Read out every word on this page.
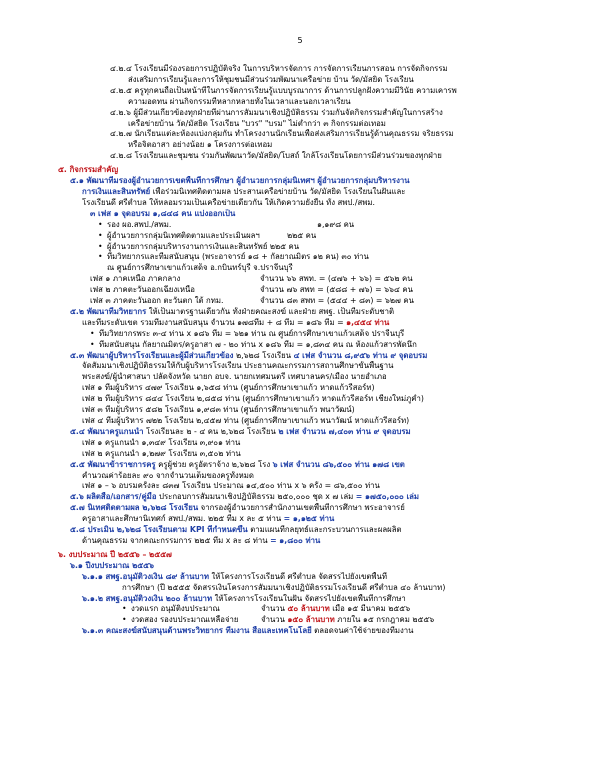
5
๔.๒.๔ โรงเรียนมีร่องรอยการปฏิบัติจริง ในการบริหารจัดการ การจัดการเรียนการสอน การจัดกิจกรรม
ส่งเสริมการเรียนรู้และการให้ชุมชนมีส่วนร่วมพัฒนาเครือข่าย บ้าน วัด/มัสยิด โรงเรียน
๔.๒.๕ ครูทุกคนถือเป็นหน้าที่ในการจัดการเรียนรู้แบบบูรณาการ ด้านการปลูกฝังความมีวินัย ความเคารพ
ความอดทน ผ่านกิจกรรมที่หลากหลายทั้งในเวลาและนอกเวลาเรียน
๔.๒.๖ ผู้มีส่วนเกี่ยวข้องทุกฝ่ายที่ผ่านการสัมมนาเชิงปฏิบัติธรรม ร่วมกันจัดกิจกรรมสำคัญในการสร้าง
เครือข่ายบ้าน วัด/มัสยิด โรงเรียน "บวร" "บรม" ไม่ต่ำกว่า ๓ กิจกรรมต่อเทอม
๔.๒.๗ นักเรียนแต่ละห้องแบ่งกลุ่มกัน ทำโครงงานนักเรียนเพื่อส่งเสริมการเรียนรู้ด้านคุณธรรม จริยธรรม
หรือจิตอาสา อย่างน้อย ๑ โครงการต่อเทอม
๔.๒.๘ โรงเรียนและชุมชน ร่วมกันพัฒนาวัด/มัสยิด/โบสถ์ ใกล้โรงเรียนโดยการมีส่วนร่วมของทุกฝ่าย
๕. กิจกรรมสำคัญ
๕.๑ พัฒนาทีมรองผู้อำนวยการเขตพื้นที่การศึกษา ผู้อำนวยการกลุ่มนิเทศฯ ผู้อำนวยการกลุ่มบริหารงาน
การเงินและสินทรัพย์ เพื่อร่วมนิเทศติดตามผล ประสานเครือข่ายบ้าน วัด/มัสยิด โรงเรียนในฝันและ
โรงเรียนดี ศรีตำบล ให้หลอมรวมเป็นเครือข่ายเดียวกัน ให้เกิดความยั่งยืน ทั้ง สพป./สพม.
๓ เฟส ๑ จุดอบรม ๑,๘๔๘ คน แบ่งออกเป็น
• รอง ผอ.สพป./สพม.	๑,๑๙๘ คน
• ผู้อำนวยการกลุ่มนิเทศติดตามและประเมินผลฯ	๒๒๕ คน
• ผู้อำนวยการกลุ่มบริหารงานการเงินและสินทรัพย์ ๒๒๕ คน
• ทีมวิทยากรและทีมสนับสนุน (พระอาจารย์ ๑๘ + กัลยาณมิตร ๑๒ คน) ๓๐ ท่าน
ณ ศูนย์การศึกษาเขาแก้วเสด็จ อ.กบินทร์บุรี จ.ปราจีนบุรี
เฟส ๑ ภาคเหนือ ภาคกลาง	จำนวน ๖๖ สพท. = (๔๗๖ + ๖๖) = ๕๖๒ คน
เฟส ๒ ภาคตะวันออกเฉียงเหนือ	จำนวน ๗๖ สพท = (๕๘๘ + ๗๖) = ๖๖๔ คน
เฟส ๓ ภาคตะวันออก ตะวันตก ใต้ กทม.	จำนวน ๘๓ สพท = (๕๔๔ + ๘๓) = ๖๒๗ คน
๕.๒ พัฒนาทีมวิทยากร ให้เป็นมาตรฐานเดียวกัน ทั้งฝ่ายคณะสงฆ์ และฝ่าย สพฐ. เป็นทีมระดับชาติ
และทีมระดับเขต รวมทีมงานสนับสนุน จำนวน ๑๗๘ทีม + ๘ ทีม = ๑๘๖ ทีม = ๑,๔๕๔ ท่าน
• ทีมวิทยากรพระ ๓-๔ ท่าน x ๑๘๖ ทีม = ๖๒๑ ท่าน ณ ศูนย์การศึกษาเขาแก้วเสด็จ ปราจีนบุรี
• ทีมสนับสนุน กัลยาณมิตร/ครูอาสา ๗ - ๒๐ ท่าน x ๑๘๖ ทีม = ๑,๘๓๔ คน ณ ห้องแก้วสารพัดนึก
๕.๓ พัฒนาผู้บริหารโรงเรียนและผู้มีส่วนเกี่ยวข้อง ๒,๖๒๘ โรงเรียน ๔ เฟส จำนวน ๘,๙๕๖ ท่าน ๙ จุดอบรม
จัดสัมมนาเชิงปฏิบัติธรรมให้กับผู้บริหารโรงเรียน ประธานคณะกรรมการสถานศึกษาขั้นพื้นฐาน
พระสงฆ์/ผู้นำศาสนา ปลัดจังหวัด นายก อบจ. นายกเทศมนตรี เทศบาลนคร/เมือง นายอำเภอ
เฟส ๑ ทีมผู้บริหาร ๔๗๙ โรงเรียน ๑,๖๕๘ ท่าน (ศูนย์การศึกษาเขาแก้ว หาดแก้วรีสอร์ท)
เฟส ๒ ทีมผู้บริหาร ๘๔๔ โรงเรียน ๒,๘๕๘ ท่าน (ศูนย์การศึกษาเขาแก้ว หาดแก้วรีสอร์ท เชียงใหม่ภูคำ)
เฟส ๓ ทีมผู้บริหาร ๕๘๒ โรงเรียน ๑,๙๘๓ ท่าน (ศูนย์การศึกษาเขาแก้ว พนาวัฒน์)
เฟส ๔ ทีมผู้บริหาร ๗๒๒ โรงเรียน ๒,๔๕๗ ท่าน (ศูนย์การศึกษาเขาแก้ว พนาวัฒน์ หาดแก้วรีสอร์ท)
๕.๔ พัฒนาครูแกนนำ โรงเรียนละ ๒ - ๔ คน ๒,๖๒๘ โรงเรียน ๒ เฟส จำนวน ๗,๔๐๓ ท่าน ๙ จุดอบรม
เฟส ๑ ครูแกนนำ ๑,๓๔๙ โรงเรียน ๓,๙๐๑ ท่าน
เฟส ๒ ครูแกนนำ ๑,๒๗๙ โรงเรียน ๓,๕๐๒ ท่าน
๕.๕ พัฒนาข้าราชการครู ครูผู้ช่วย ครูอัตราจ้าง ๒,๖๒๘ โรง ๖ เฟส จำนวน ๘๖,๕๐๐ ท่าน ๑๗๘ เขต
คำนวณค่าร้อยละ ๙๐ จากจำนวนเต็มของครูทั้งหมด
เฟส ๑ – ๖ อบรมครั้งละ ๘๓๗ โรงเรียน ประมาณ ๑๔,๕๐๐ ท่าน x ๖ ครั้ง = ๘๖,๕๐๐ ท่าน
๕.๖ ผลิตสื่อ/เอกสาร/คู่มือ ประกอบการสัมมนาเชิงปฏิบัติธรรม ๒๕๐,๐๐๐ ชุด x ๗ เล่ม = ๑๗๕๐,๐๐๐ เล่ม
๕.๗ นิเทศติดตามผล ๒,๖๒๘ โรงเรียน จากรองผู้อำนวยการสำนักงานเขตพื้นที่การศึกษา พระอาจารย์
ครูอาสาและศึกษานิเทศก์ สพป./สพม. ๒๒๕ ทีม x ละ ๕ ท่าน = ๑,๑๒๕ ท่าน
๕.๘ ประเมิน ๒,๖๒๘ โรงเรียนตาม KPI ที่กำหนดขึ้น ตามแผนที่กลยุทธ์และกระบวนการและผลผลิต
ด้านคุณธรรม จากคณะกรรมการ ๒๒๕ ทีม x ละ ๘ ท่าน = ๑,๘๐๐ ท่าน
๖. งบประมาณ ปี ๒๕๕๖ – ๒๕๕๗
๖.๑ ปีงบประมาณ ๒๕๕๖
๖.๑.๑ สพฐ.อนุมัติวงเงิน ๘๙ ล้านบาท ให้โครงการโรงเรียนดี ศรีตำบล จัดสรรไปยังเขตพื้นที่
การศึกษา (ปี ๒๕๕๕ จัดสรรเงินโครงการสัมมนาเชิงปฏิบัติธรรมโรงเรียนดี ศรีตำบล ๔๐ ล้านบาท)
๖.๑.๒ สพฐ.อนุมัติวงเงิน ๒๐๐ ล้านบาท ให้โครงการโรงเรียนในฝัน จัดสรรไปยังเขตพื้นที่การศึกษา
• งวดแรก อนุมัติงบประมาณ	จำนวน ๕๐ ล้านบาท เมื่อ ๑๕ มีนาคม ๒๕๕๖
• งวดสอง รองบประมาณเหลือจ่าย	จำนวน ๑๕๐ ล้านบาท ภายใน ๑๕ กรกฎาคม ๒๕๕๖
๖.๑.๓ คณะสงฆ์สนับสนุนด้านพระวิทยากร ทีมงาน สื่อและเทคโนโลยี ตลอดจนค่าใช้จ่ายของทีมงาน
